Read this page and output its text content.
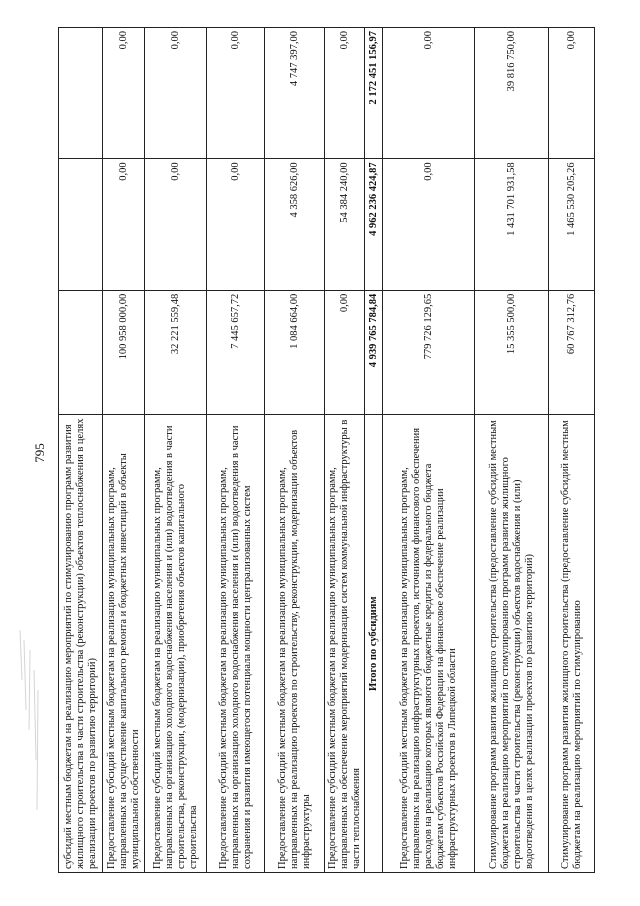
795 субсидий местным бюджетам на реализацию мероприятий по стимулированию программ развития жилищного строительства в части строительства (реконструкции) объектов теплоснабжения в целях реализации проектов по развитию территорий)			
Предоставление субсидий местным бюджетам на реализацию муниципальных программ, направленных на осуществление капитального ремонта и бюджетных инвестиций в объекты муниципальной собственности	100 958 000,00	0,00	0,00
Предоставление субсидий местным бюджетам на реализацию муниципальных программ, направленных на организацию холодного водоснабжения населения и (или) водоотведения в части строительства, реконструкции, (модернизации), приобретения объектов капитального строительства	32 221 559,48	0,00	0,00
Предоставление субсидий местным бюджетам на реализацию муниципальных программ, направленных на организацию холодного водоснабжения населения и (или) водоотведения в части сохранения и развития имеющегося потенциала мощности централизованных систем	7 445 657,72	0,00	0,00
Предоставление субсидий местным бюджетам на реализацию муниципальных программ, направленных на реализацию проектов по строительству, реконструкции, модернизации объектов инфраструктуры	1 084 664,00	4 358 626,00	4 747 397,00
Предоставление субсидий местным бюджетам на реализацию муниципальных программ, направленных на обеспечение мероприятий модернизации систем коммунальной инфраструктуры в части теплоснабжения	0,00	54 384 240,00	0,00
Итого по субсидиям	4 939 765 784,84	4 962 236 424,87	2 172 451 156,97
Предоставление субсидий местным бюджетам на реализацию муниципальных программ, направленных на реализацию инфраструктурных проектов, источником финансового обеспечения расходов на реализацию которых являются бюджетные кредиты из федерального бюджета бюджетам субъектов Российской Федерации на финансовое обеспечение реализации инфраструктурных проектов в Липецкой области	779 726 129,65	0,00	0,00
Стимулирование программ развития жилищного строительства (предоставление субсидий местным бюджетам на реализацию мероприятий по стимулированию программ развития жилищного строительства в части строительства (реконструкции) объектов водоснабжения и (или) водоотведения в целях реализации проектов по развитию территорий)	15 355 500,00	1 431 701 931,58	39 816 750,00
Стимулирование программ развития жилищного строительства (предоставление субсидий местным бюджетам на реализацию мероприятий по стимулированию	60 767 312,76	1 465 530 205,26	0,00
